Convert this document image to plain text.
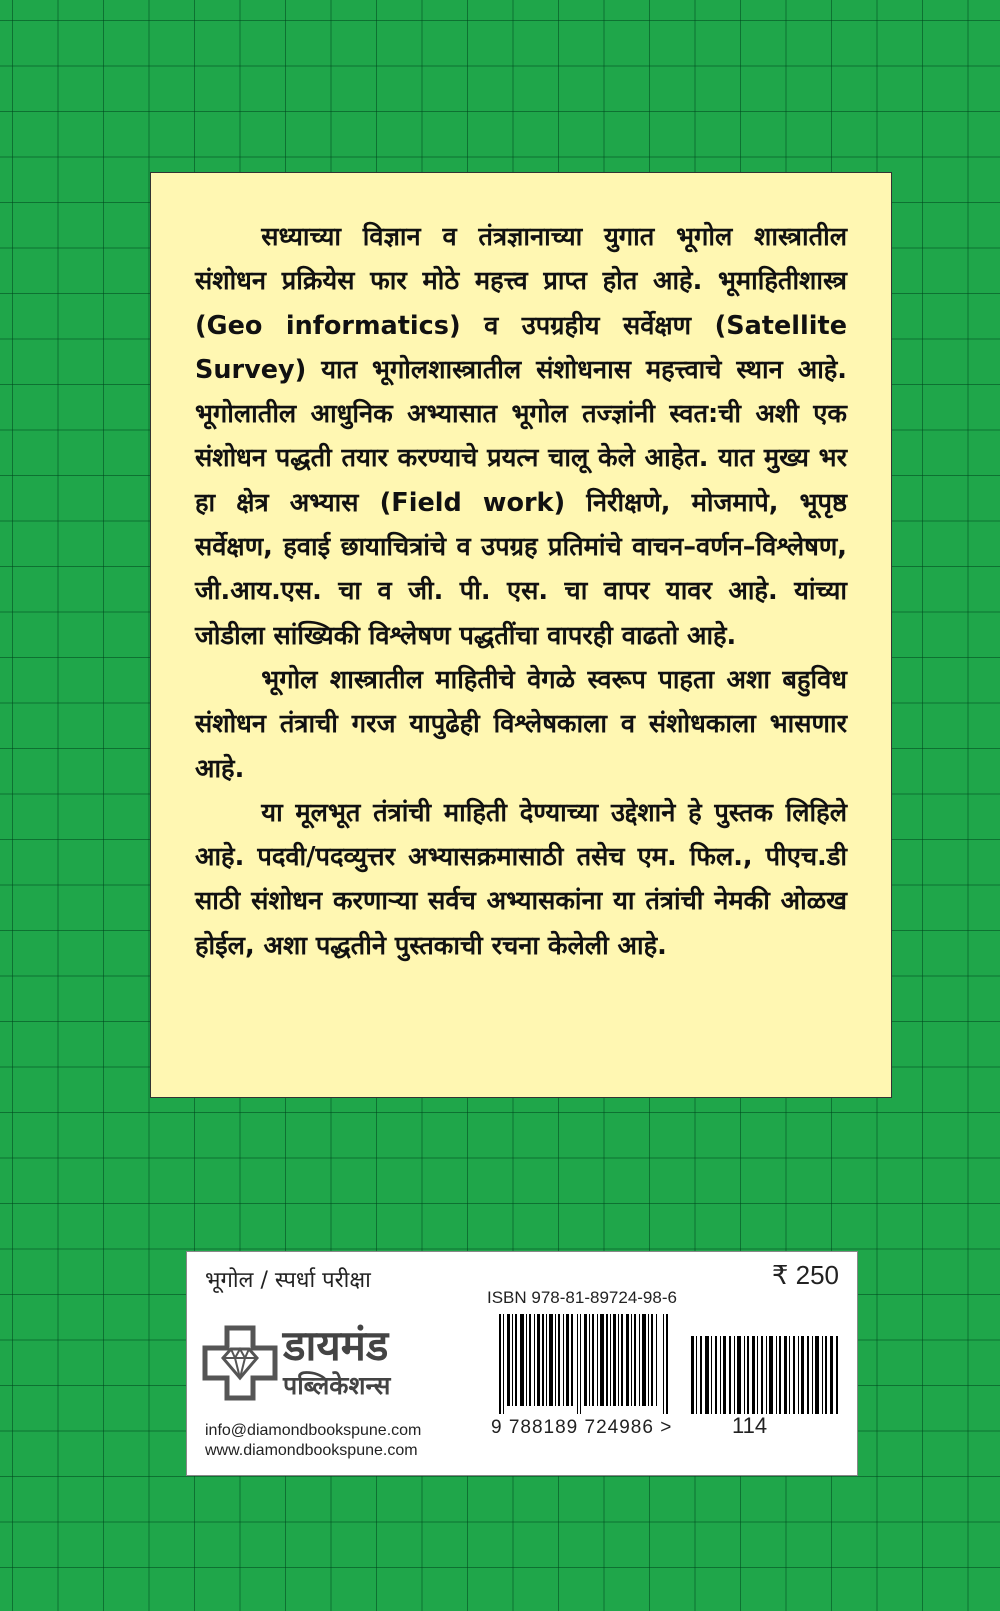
सध्याच्या विज्ञान व तंत्रज्ञानाच्या युगात भूगोल शास्त्रातील संशोधन प्रक्रियेस फार मोठे महत्त्व प्राप्त होत आहे. भूमाहितीशास्त्र (Geo informatics) व उपग्रहीय सर्वेक्षण (Satellite Survey) यात भूगोलशास्त्रातील संशोधनास महत्त्वाचे स्थान आहे. भूगोलातील आधुनिक अभ्यासात भूगोल तज्ज्ञांनी स्वत:ची अशी एक संशोधन पद्धती तयार करण्याचे प्रयत्न चालू केले आहेत. यात मुख्य भर हा क्षेत्र अभ्यास (Field work) निरीक्षणे, मोजमापे, भूपृष्ठ सर्वेक्षण, हवाई छायाचित्रांचे व उपग्रह प्रतिमांचे वाचन–वर्णन–विश्लेषण, जी.आय.एस. चा व जी. पी. एस. चा वापर यावर आहे. यांच्या जोडीला सांख्यिकी विश्लेषण पद्धतींचा वापरही वाढतो आहे.

भूगोल शास्त्रातील माहितीचे वेगळे स्वरूप पाहता अशा बहुविध संशोधन तंत्राची गरज यापुढेही विश्लेषकाला व संशोधकाला भासणार आहे.

या मूलभूत तंत्रांची माहिती देण्याच्या उद्देशाने हे पुस्तक लिहिले आहे. पदवी/पदव्युत्तर अभ्यासक्रमासाठी तसेच एम. फिल., पीएच.डी साठी संशोधन करणाऱ्या सर्वच अभ्यासकांना या तंत्रांची नेमकी ओळख होईल, अशा पद्धतीने पुस्तकाची रचना केलेली आहे.

भूगोल / स्पर्धा परीक्षा	₹ 250
ISBN 978-81-89724-98-6
9 788189 724986 >	114
डायमंड
पब्लिकेशन्स
info@diamondbookspune.com
www.diamondbookspune.com
